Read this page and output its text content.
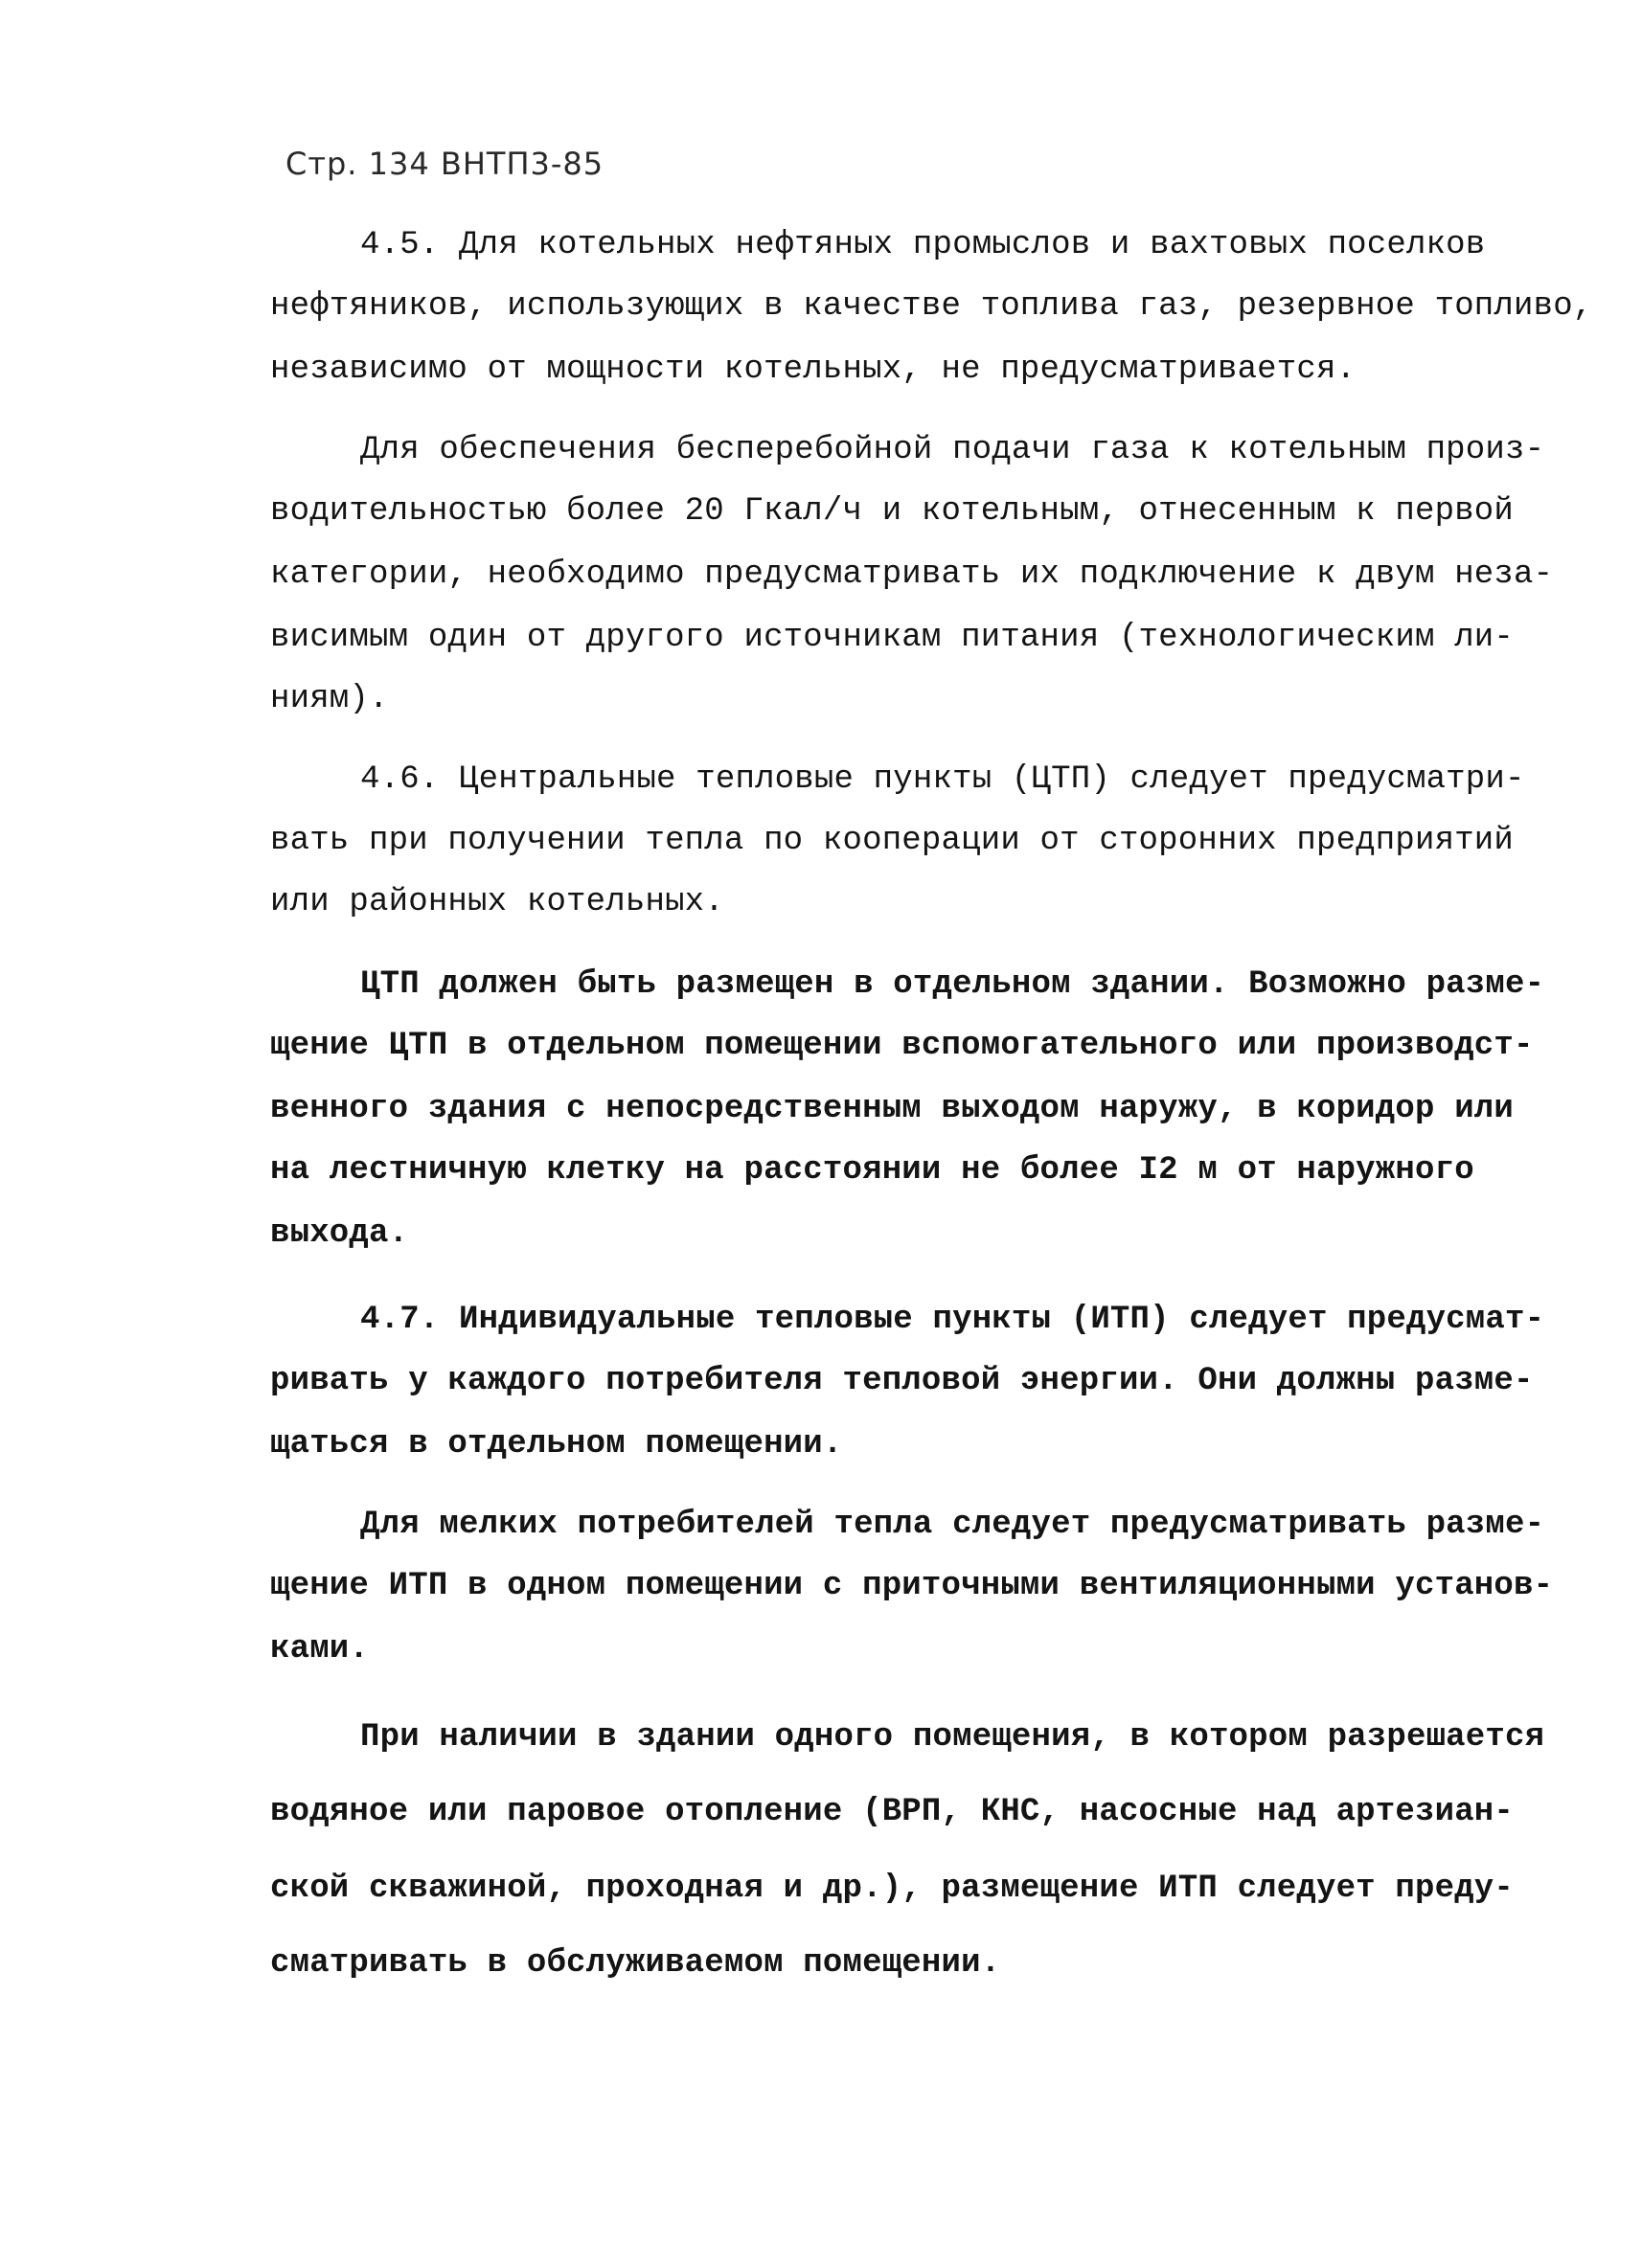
Стр. 134 ВНТП3-85
4.5. Для котельных нефтяных промыслов и вахтовых поселков
нефтяников, использующих в качестве топлива газ, резервное топливо,
независимо от мощности котельных, не предусматривается.
Для обеспечения бесперебойной подачи газа к котельным произ-
водительностью более 20 Гкал/ч и котельным, отнесенным к первой
категории, необходимо предусматривать их подключение к двум неза-
висимым один от другого источникам питания (технологическим ли-
ниям).
4.6. Центральные тепловые пункты (ЦТП) следует предусматри-
вать при получении тепла по кооперации от сторонних предприятий
или районных котельных.
ЦТП должен быть размещен в отдельном здании. Возможно разме-
щение ЦТП в отдельном помещении вспомогательного или производст-
венного здания с непосредственным выходом наружу, в коридор или
на лестничную клетку на расстоянии не более I2 м от наружного
выхода.
4.7. Индивидуальные тепловые пункты (ИТП) следует предусмат-
ривать у каждого потребителя тепловой энергии. Они должны разме-
щаться в отдельном помещении.
Для мелких потребителей тепла следует предусматривать разме-
щение ИТП в одном помещении с приточными вентиляционными установ-
ками.
При наличии в здании одного помещения, в котором разрешается
водяное или паровое отопление (ВРП, КНС, насосные над артезиан-
ской скважиной, проходная и др.), размещение ИТП следует преду-
сматривать в обслуживаемом помещении.
